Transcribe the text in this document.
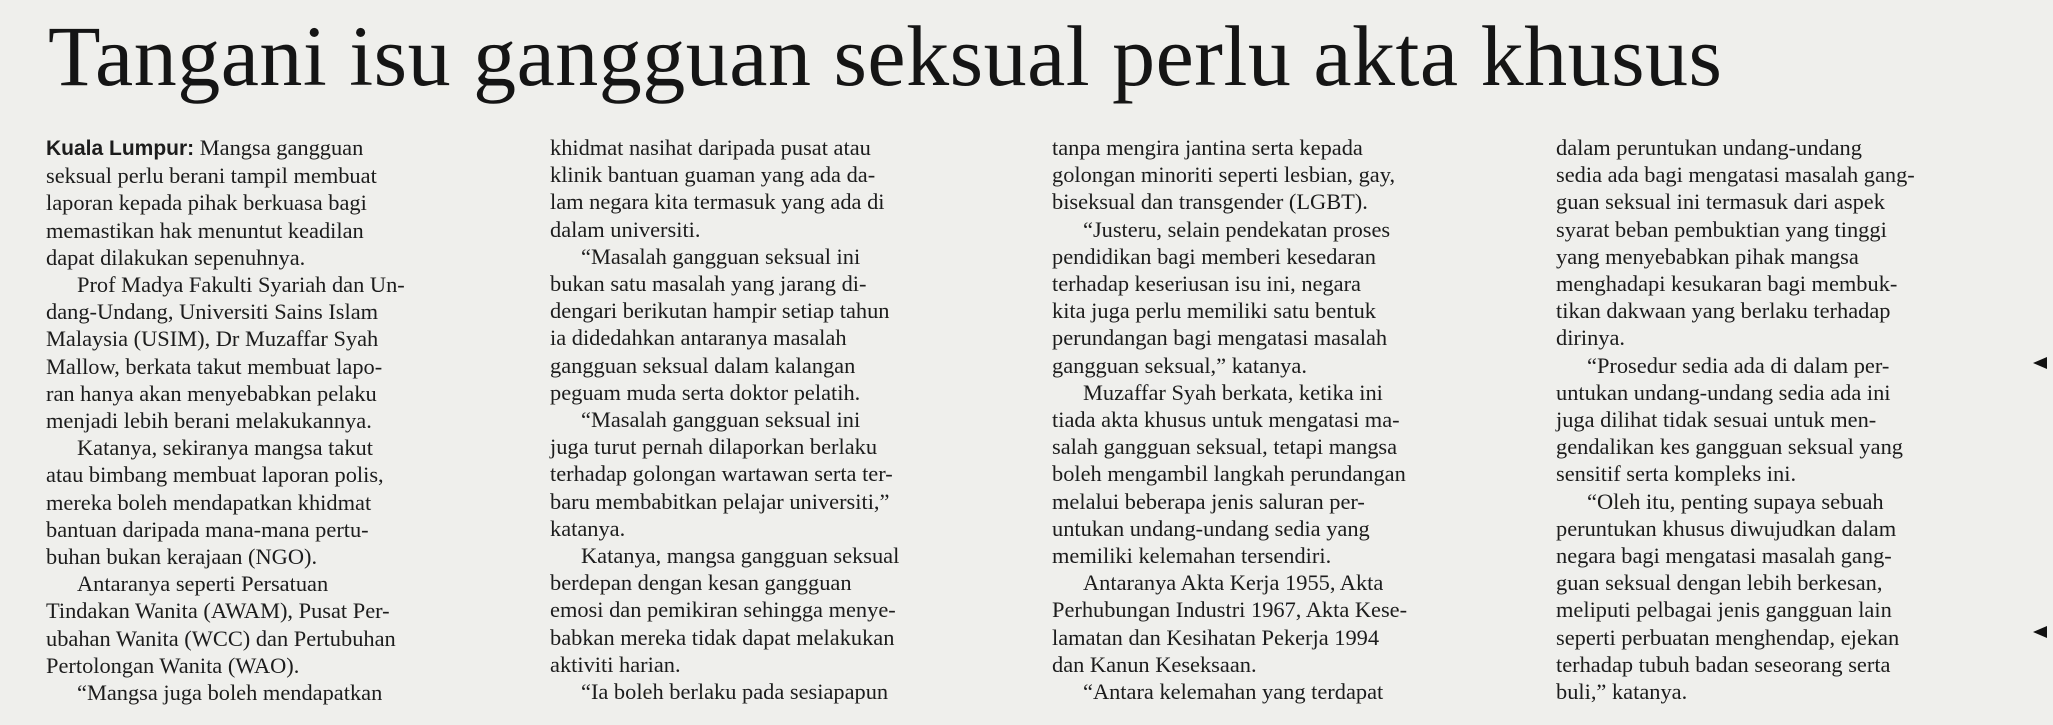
Tangani isu gangguan seksual perlu akta khusus
Kuala Lumpur: Mangsa gangguan
seksual perlu berani tampil membuat
laporan kepada pihak berkuasa bagi
memastikan hak menuntut keadilan
dapat dilakukan sepenuhnya.
Prof Madya Fakulti Syariah dan Un-
dang-Undang, Universiti Sains Islam
Malaysia (USIM), Dr Muzaffar Syah
Mallow, berkata takut membuat lapo-
ran hanya akan menyebabkan pelaku
menjadi lebih berani melakukannya.
Katanya, sekiranya mangsa takut
atau bimbang membuat laporan polis,
mereka boleh mendapatkan khidmat
bantuan daripada mana-mana pertu-
buhan bukan kerajaan (NGO).
Antaranya seperti Persatuan
Tindakan Wanita (AWAM), Pusat Per-
ubahan Wanita (WCC) dan Pertubuhan
Pertolongan Wanita (WAO).
“Mangsa juga boleh mendapatkan
khidmat nasihat daripada pusat atau
klinik bantuan guaman yang ada da-
lam negara kita termasuk yang ada di
dalam universiti.
“Masalah gangguan seksual ini
bukan satu masalah yang jarang di-
dengari berikutan hampir setiap tahun
ia didedahkan antaranya masalah
gangguan seksual dalam kalangan
peguam muda serta doktor pelatih.
“Masalah gangguan seksual ini
juga turut pernah dilaporkan berlaku
terhadap golongan wartawan serta ter-
baru membabitkan pelajar universiti,”
katanya.
Katanya, mangsa gangguan seksual
berdepan dengan kesan gangguan
emosi dan pemikiran sehingga menye-
babkan mereka tidak dapat melakukan
aktiviti harian.
“Ia boleh berlaku pada sesiapapun
tanpa mengira jantina serta kepada
golongan minoriti seperti lesbian, gay,
biseksual dan transgender (LGBT).
“Justeru, selain pendekatan proses
pendidikan bagi memberi kesedaran
terhadap keseriusan isu ini, negara
kita juga perlu memiliki satu bentuk
perundangan bagi mengatasi masalah
gangguan seksual,” katanya.
Muzaffar Syah berkata, ketika ini
tiada akta khusus untuk mengatasi ma-
salah gangguan seksual, tetapi mangsa
boleh mengambil langkah perundangan
melalui beberapa jenis saluran per-
untukan undang-undang sedia yang
memiliki kelemahan tersendiri.
Antaranya Akta Kerja 1955, Akta
Perhubungan Industri 1967, Akta Kese-
lamatan dan Kesihatan Pekerja 1994
dan Kanun Keseksaan.
“Antara kelemahan yang terdapat
dalam peruntukan undang-undang
sedia ada bagi mengatasi masalah gang-
guan seksual ini termasuk dari aspek
syarat beban pembuktian yang tinggi
yang menyebabkan pihak mangsa
menghadapi kesukaran bagi membuk-
tikan dakwaan yang berlaku terhadap
dirinya.
“Prosedur sedia ada di dalam per-
untukan undang-undang sedia ada ini
juga dilihat tidak sesuai untuk men-
gendalikan kes gangguan seksual yang
sensitif serta kompleks ini.
“Oleh itu, penting supaya sebuah
peruntukan khusus diwujudkan dalam
negara bagi mengatasi masalah gang-
guan seksual dengan lebih berkesan,
meliputi pelbagai jenis gangguan lain
seperti perbuatan menghendap, ejekan
terhadap tubuh badan seseorang serta
buli,” katanya.
